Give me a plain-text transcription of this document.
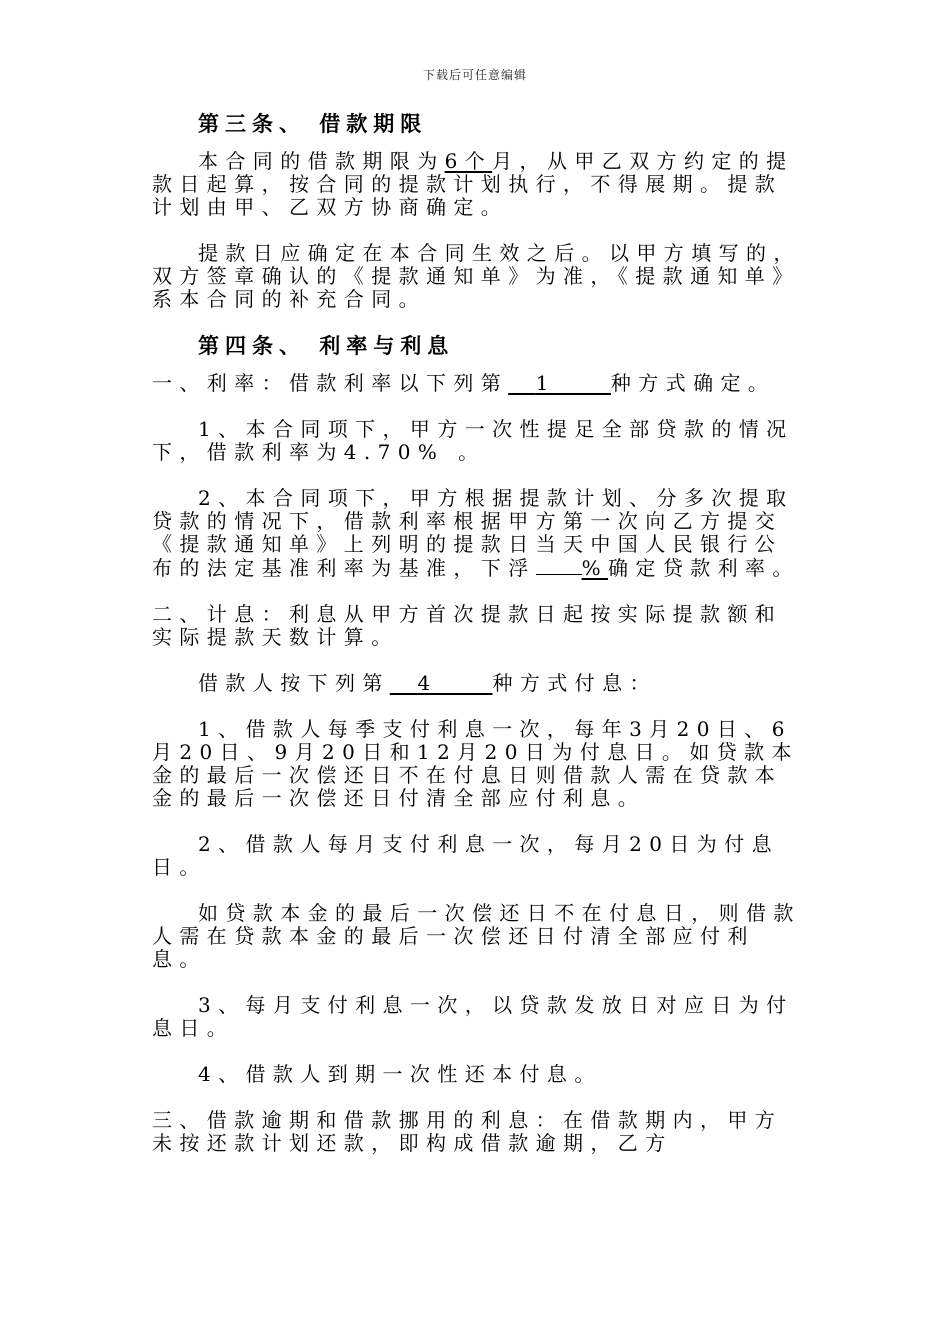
下载后可任意编辑
第三条、 借款期限

本合同的借款期限为6个月，从甲乙双方约定的提款日起算，按合同的提款计划执行，不得展期。提款计划由甲、乙双方协商确定。

提款日应确定在本合同生效之后。以甲方填写的，双方签章确认的《提款通知单》为准，《提款通知单》系本合同的补充合同。

第四条、 利率与利息

一、利率：借款利率以下列第 1	种方式确定。

1、本合同项下，甲方一次性提足全部贷款的情况下，借款利率为4.70% 。

2、本合同项下，甲方根据提款计划、分多次提取贷款的情况下，借款利率根据甲方第一次向乙方提交《提款通知单》上列明的提款日当天中国人民银行公布的法定基准利率为基准，下浮 %确定贷款利率。

二、计息：利息从甲方首次提款日起按实际提款额和实际提款天数计算。

借款人按下列第 4	种方式付息：

1、借款人每季支付利息一次，每年3月20日、6月20日、9月20日和12月20日为付息日。如贷款本金的最后一次偿还日不在付息日则借款人需在贷款本金的最后一次偿还日付清全部应付利息。

2、借款人每月支付利息一次，每月20日为付息日。

如贷款本金的最后一次偿还日不在付息日，则借款人需在贷款本金的最后一次偿还日付清全部应付利息。

3、每月支付利息一次，以贷款发放日对应日为付息日。

4、借款人到期一次性还本付息。

三、借款逾期和借款挪用的利息：在借款期内，甲方未按还款计划还款，即构成借款逾期，乙方
